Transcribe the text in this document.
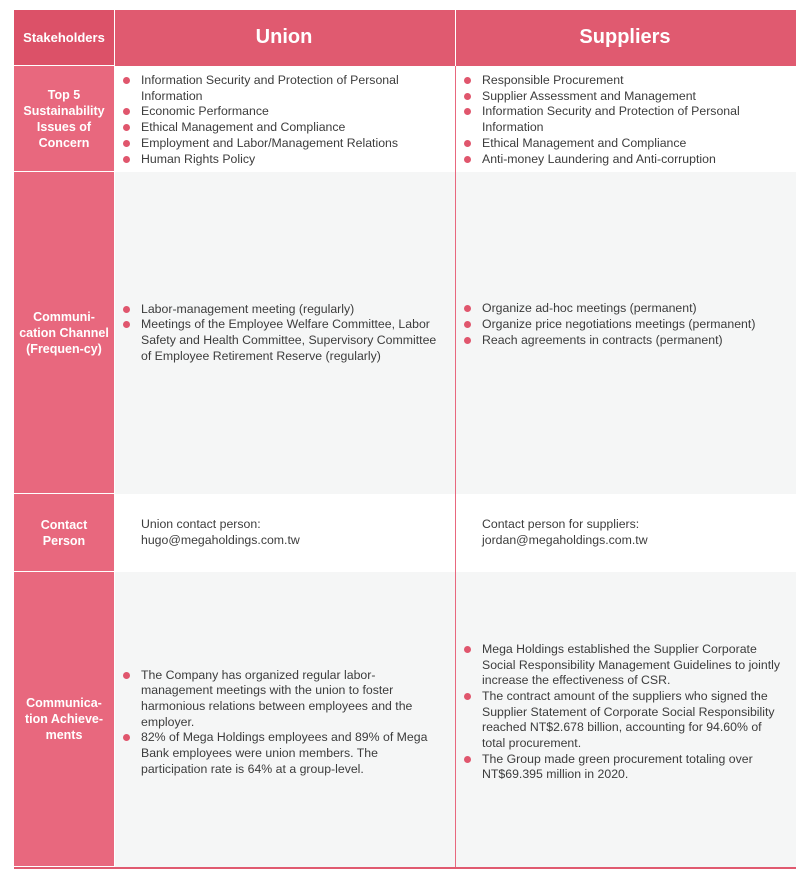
Stakeholders	Union	Suppliers
Top 5 Sustainability Issues of Concern
Information Security and Protection of Personal Information
Economic Performance
Ethical Management and Compliance
Employment and Labor/Management Relations
Human Rights Policy
Responsible Procurement
Supplier Assessment and Management
Information Security and Protection of Personal Information
Ethical Management and Compliance
Anti-money Laundering and Anti-corruption
Communi-cation Channel (Frequen-cy)
Labor-management meeting (regularly)
Meetings of the Employee Welfare Committee, Labor Safety and Health Committee, Supervisory Committee of Employee Retirement Reserve (regularly)
Organize ad-hoc meetings (permanent)
Organize price negotiations meetings (permanent)
Reach agreements in contracts (permanent)
Contact Person
Union contact person:
hugo@megaholdings.com.tw
Contact person for suppliers:
jordan@megaholdings.com.tw
Communica-tion Achieve-ments
The Company has organized regular labor-management meetings with the union to foster harmonious relations between employees and the employer.
82% of Mega Holdings employees and 89% of Mega Bank employees were union members. The participation rate is 64% at a group-level.
Mega Holdings established the Supplier Corporate Social Responsibility Management Guidelines to jointly increase the effectiveness of CSR.
The contract amount of the suppliers who signed the Supplier Statement of Corporate Social Responsibility reached NT$2.678 billion, accounting for 94.60% of total procurement.
The Group made green procurement totaling over NT$69.395 million in 2020.
